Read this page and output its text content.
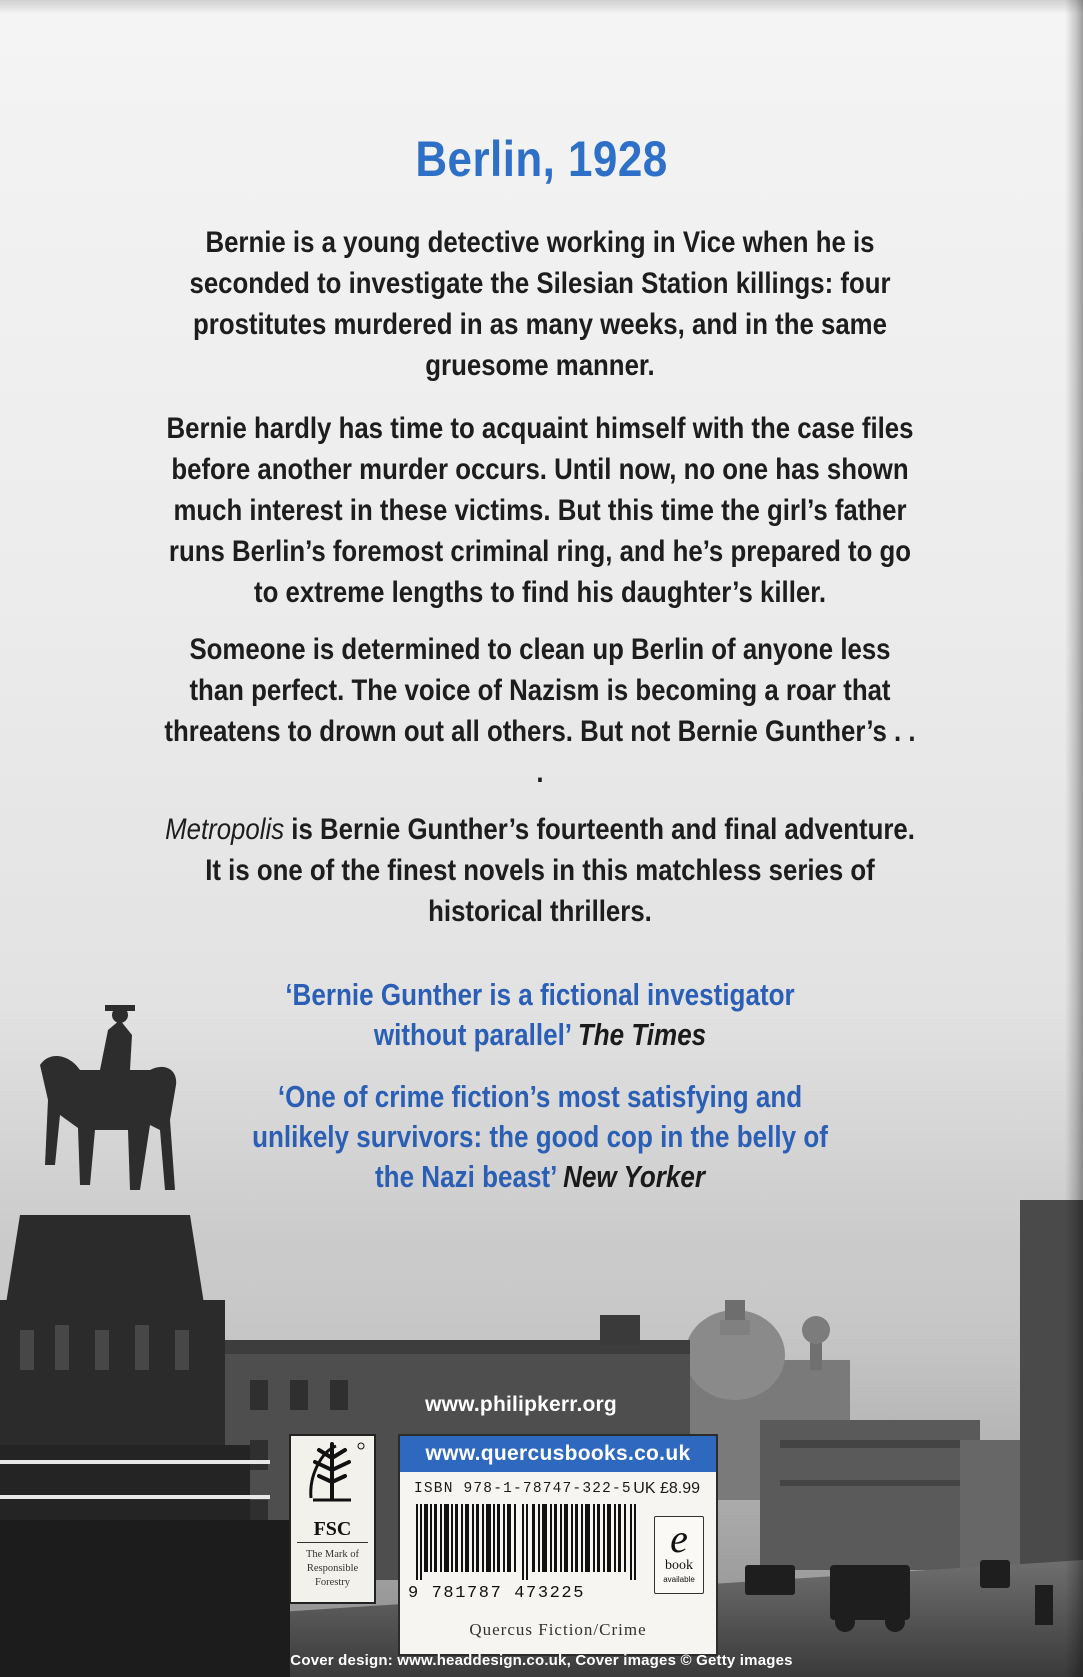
Berlin, 1928

Bernie is a young detective working in Vice when he is seconded to investigate the Silesian Station killings: four prostitutes murdered in as many weeks, and in the same gruesome manner.

Bernie hardly has time to acquaint himself with the case files before another murder occurs. Until now, no one has shown much interest in these victims. But this time the girl’s father runs Berlin’s foremost criminal ring, and he’s prepared to go to extreme lengths to find his daughter’s killer.

Someone is determined to clean up Berlin of anyone less than perfect. The voice of Nazism is becoming a roar that threatens to drown out all others. But not Bernie Gunther’s . . .

Metropolis is Bernie Gunther’s fourteenth and final adventure. It is one of the finest novels in this matchless series of historical thrillers.

‘Bernie Gunther is a fictional investigator without parallel’ The Times

‘One of crime fiction’s most satisfying and unlikely survivors: the good cop in the belly of the Nazi beast’ New Yorker

www.philipkerr.org
FSC
The Mark of Responsible Forestry
www.quercusbooks.co.uk
ISBN 978-1-78747-322-5 UK £8.99
9 781787 473225
e
book
available
Quercus Fiction/Crime
Cover design: www.headdesign.co.uk, Cover images © Getty images
